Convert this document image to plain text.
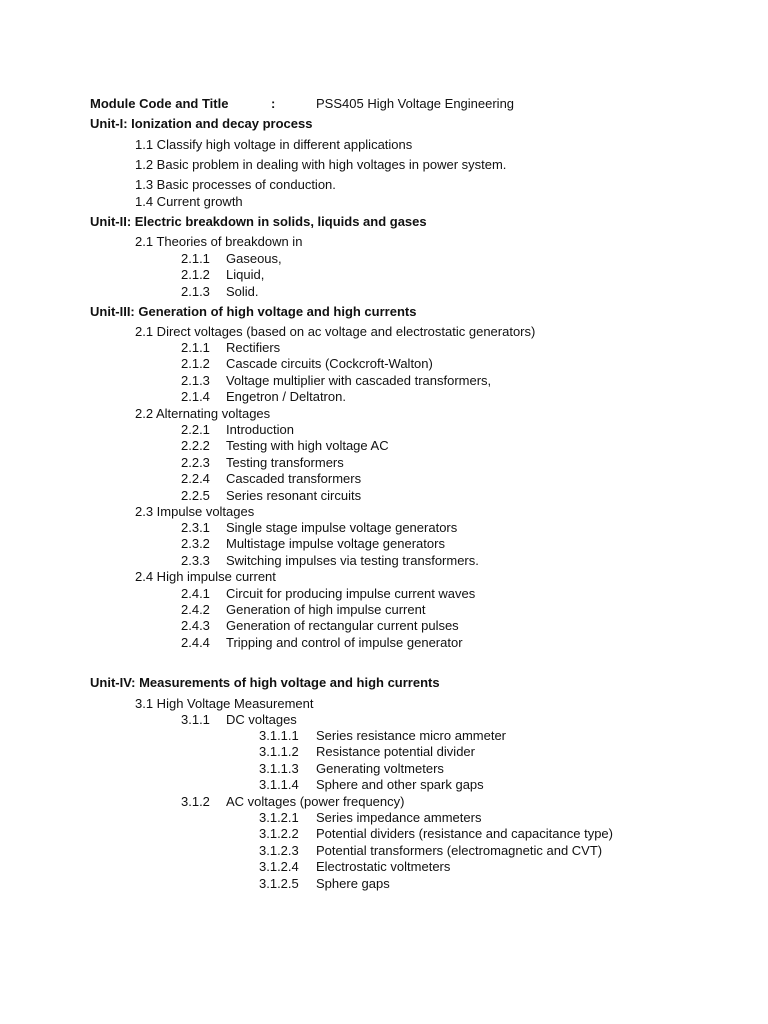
Module Code and Title	:	PSS405 High Voltage Engineering
Unit-I: Ionization and decay process
1.1 Classify high voltage in different applications
1.2 Basic problem in dealing with high voltages in power system.
1.3 Basic processes of conduction.
1.4 Current growth
Unit-II: Electric breakdown in solids, liquids and gases
2.1 Theories of breakdown in
2.1.1 Gaseous,
2.1.2 Liquid,
2.1.3 Solid.
Unit-III: Generation of high voltage and high currents
2.1 Direct voltages (based on ac voltage and electrostatic generators)
2.1.1 Rectifiers
2.1.2 Cascade circuits (Cockcroft-Walton)
2.1.3 Voltage multiplier with cascaded transformers,
2.1.4 Engetron / Deltatron.
2.2 Alternating voltages
2.2.1 Introduction
2.2.2 Testing with high voltage AC
2.2.3 Testing transformers
2.2.4 Cascaded transformers
2.2.5 Series resonant circuits
2.3 Impulse voltages
2.3.1 Single stage impulse voltage generators
2.3.2 Multistage impulse voltage generators
2.3.3 Switching impulses via testing transformers.
2.4 High impulse current
2.4.1 Circuit for producing impulse current waves
2.4.2 Generation of high impulse current
2.4.3 Generation of rectangular current pulses
2.4.4 Tripping and control of impulse generator
Unit-IV: Measurements of high voltage and high currents
3.1 High Voltage Measurement
3.1.1 DC voltages
3.1.1.1 Series resistance micro ammeter
3.1.1.2 Resistance potential divider
3.1.1.3 Generating voltmeters
3.1.1.4 Sphere and other spark gaps
3.1.2 AC voltages (power frequency)
3.1.2.1 Series impedance ammeters
3.1.2.2 Potential dividers (resistance and capacitance type)
3.1.2.3 Potential transformers (electromagnetic and CVT)
3.1.2.4 Electrostatic voltmeters
3.1.2.5 Sphere gaps
